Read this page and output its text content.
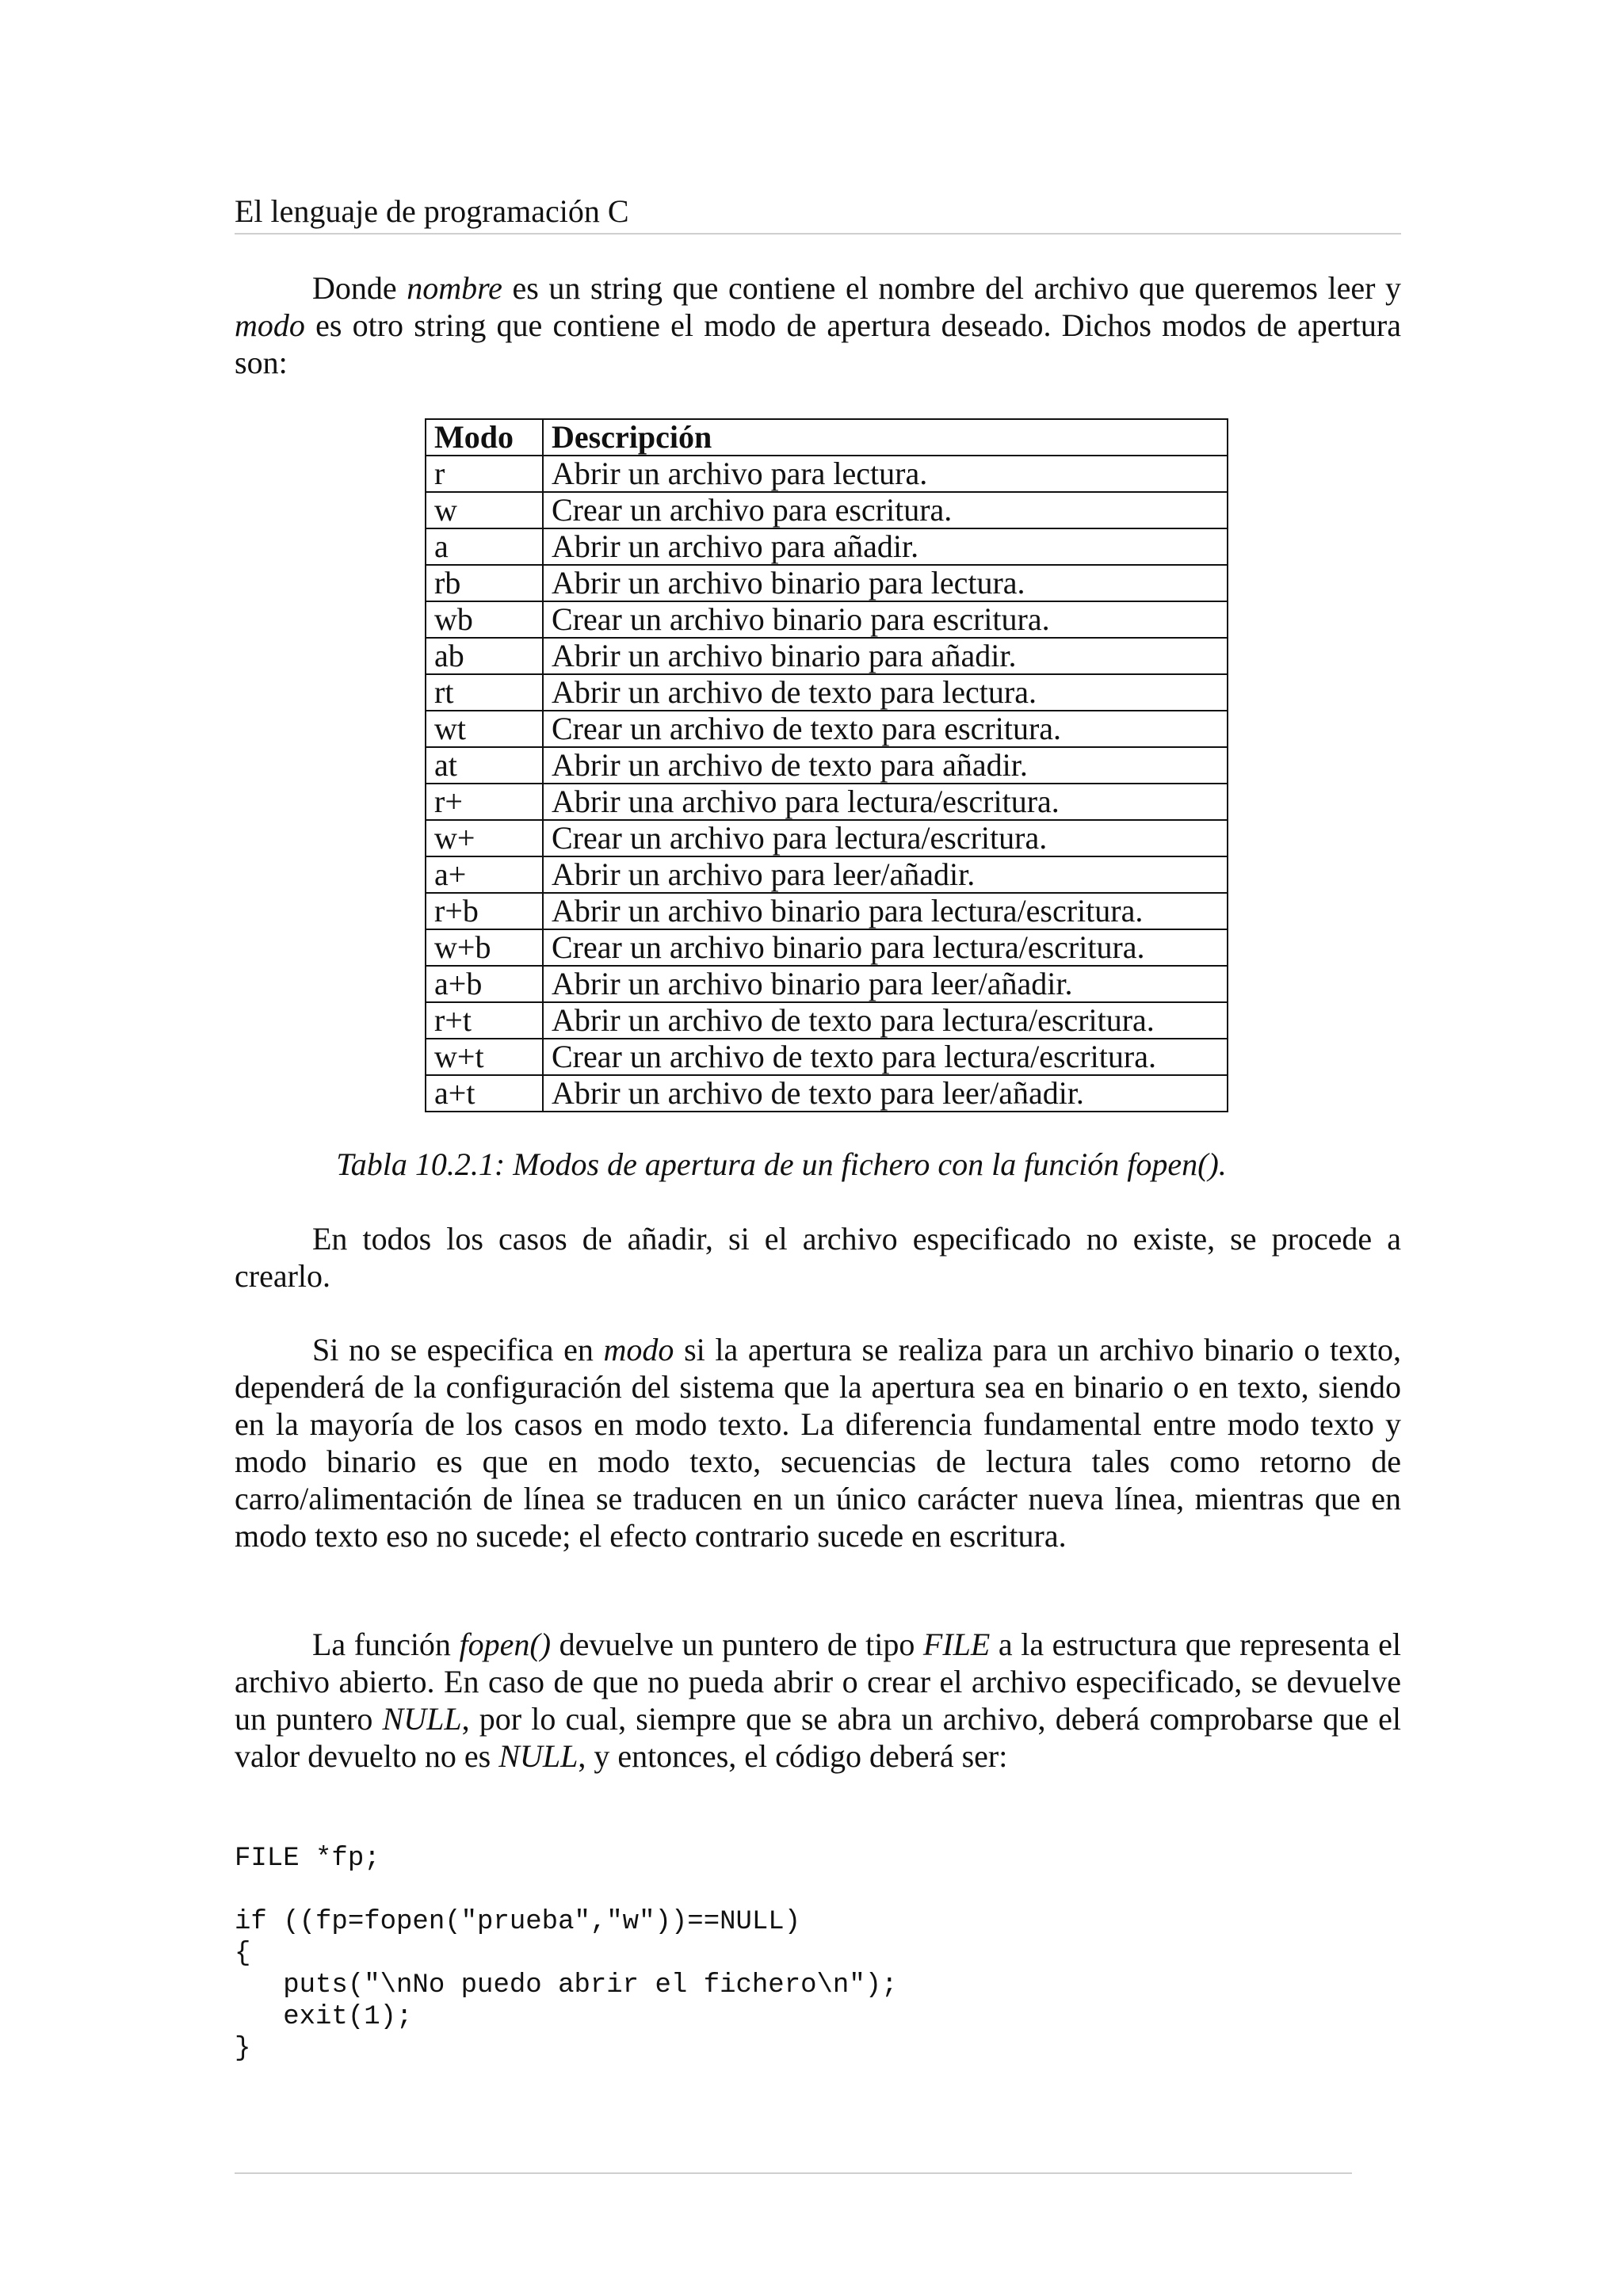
El lenguaje de programación C

Donde nombre es un string que contiene el nombre del archivo que queremos leer y modo es otro string que contiene el modo de apertura deseado. Dichos modos de apertura son:

Modo	Descripción
r	Abrir un archivo para lectura.
w	Crear un archivo para escritura.
a	Abrir un archivo para añadir.
rb	Abrir un archivo binario para lectura.
wb	Crear un archivo binario para escritura.
ab	Abrir un archivo binario para añadir.
rt	Abrir un archivo de texto para lectura.
wt	Crear un archivo de texto para escritura.
at	Abrir un archivo de texto para añadir.
r+	Abrir una archivo para lectura/escritura.
w+	Crear un archivo para lectura/escritura.
a+	Abrir un archivo para leer/añadir.
r+b	Abrir un archivo binario para lectura/escritura.
w+b	Crear un archivo binario para lectura/escritura.
a+b	Abrir un archivo binario para leer/añadir.
r+t	Abrir un archivo de texto para lectura/escritura.
w+t	Crear un archivo de texto para lectura/escritura.
a+t	Abrir un archivo de texto para leer/añadir.
Tabla 10.2.1: Modos de apertura de un fichero con la función fopen().

En todos los casos de añadir, si el archivo especificado no existe, se procede a crearlo.

Si no se especifica en modo si la apertura se realiza para un archivo binario o texto, dependerá de la configuración del sistema que la apertura sea en binario o en texto, siendo en la mayoría de los casos en modo texto. La diferencia fundamental entre modo texto y modo binario es que en modo texto, secuencias de lectura tales como retorno de carro/alimentación de línea se traducen en un único carácter nueva línea, mientras que en modo texto eso no sucede; el efecto contrario sucede en escritura.

La función fopen() devuelve un puntero de tipo FILE a la estructura que representa el archivo abierto. En caso de que no pueda abrir o crear el archivo especificado, se devuelve un puntero NULL, por lo cual, siempre que se abra un archivo, deberá comprobarse que el valor devuelto no es NULL, y entonces, el código deberá ser:

FILE *fp;

if ((fp=fopen("prueba","w"))==NULL)
{
puts("\nNo puedo abrir el fichero\n");
exit(1);
}
